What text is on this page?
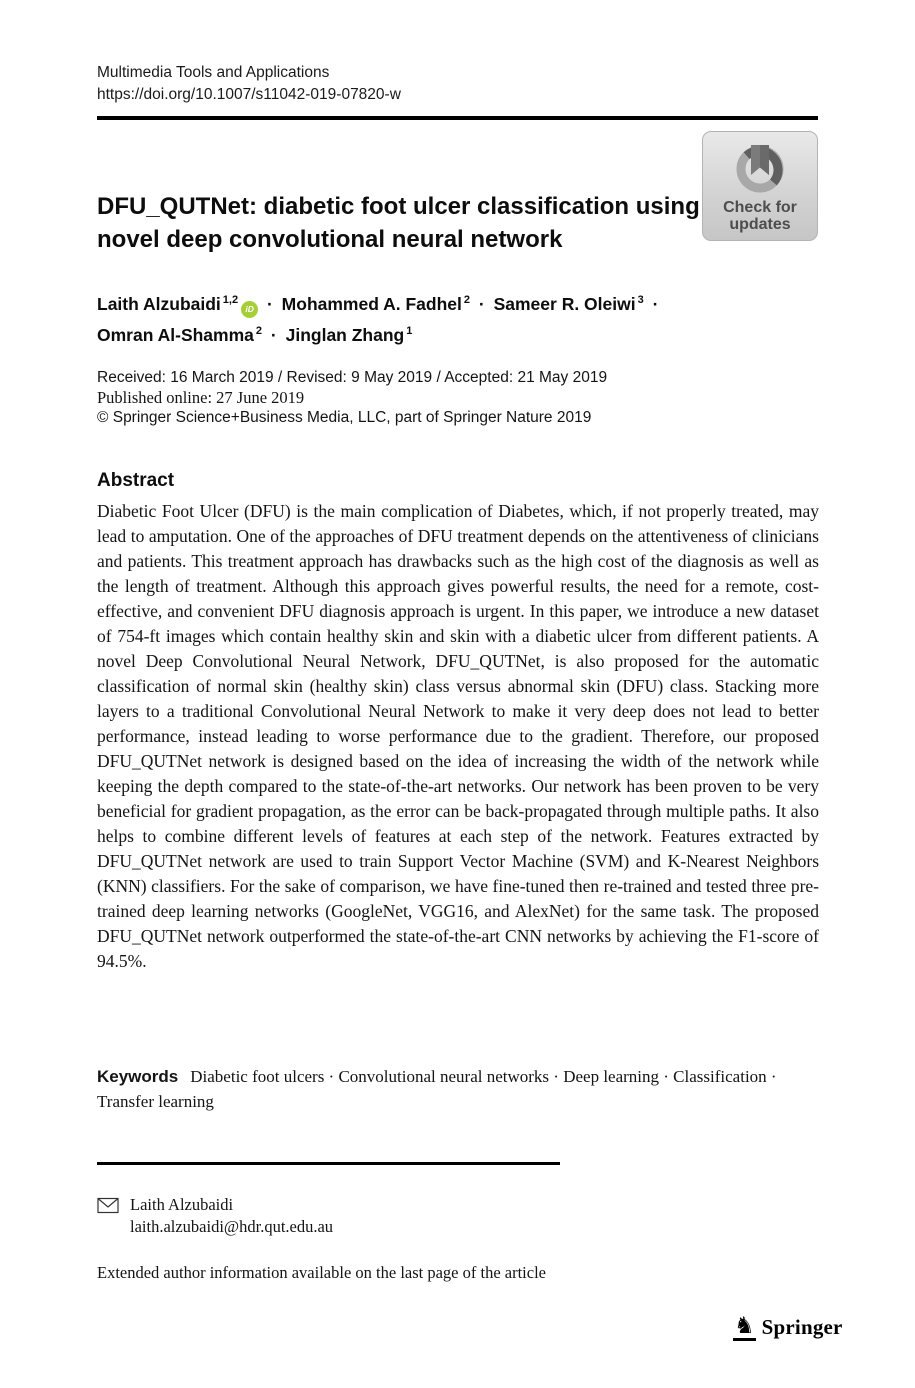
Multimedia Tools and Applications
https://doi.org/10.1007/s11042-019-07820-w
Check for
updates
DFU_QUTNet: diabetic foot ulcer classification using novel deep convolutional neural network
Laith Alzubaidi $^{1,2}$
iD · Mohammed A. Fadhel $^2$ · Sameer R. Oleiwi $^3$ ·
Omran Al-Shamma $^2$ · Jinglan Zhang $^1$
Received: 16 March 2019 / Revised: 9 May 2019 / Accepted: 21 May 2019
Published online: 27 June 2019
© Springer Science+Business Media, LLC, part of Springer Nature 2019
Abstract

Diabetic Foot Ulcer (DFU) is the main complication of Diabetes, which, if not properly treated, may lead to amputation. One of the approaches of DFU treatment depends on the attentiveness of clinicians and patients. This treatment approach has drawbacks such as the high cost of the diagnosis as well as the length of treatment. Although this approach gives powerful results, the need for a remote, cost-effective, and convenient DFU diagnosis approach is urgent. In this paper, we introduce a new dataset of 754-ft images which contain healthy skin and skin with a diabetic ulcer from different patients. A novel Deep Convolutional Neural Network, DFU_QUTNet, is also proposed for the automatic classification of normal skin (healthy skin) class versus abnormal skin (DFU) class. Stacking more layers to a traditional Convolutional Neural Network to make it very deep does not lead to better performance, instead leading to worse performance due to the gradient. Therefore, our proposed DFU_QUTNet network is designed based on the idea of increasing the width of the network while keeping the depth compared to the state-of-the-art networks. Our network has been proven to be very beneficial for gradient propagation, as the error can be back-propagated through multiple paths. It also helps to combine different levels of features at each step of the network. Features extracted by DFU_QUTNet network are used to train Support Vector Machine (SVM) and K-Nearest Neighbors (KNN) classifiers. For the sake of comparison, we have fine-tuned then re-trained and tested three pre-trained deep learning networks (GoogleNet, VGG16, and AlexNet) for the same task. The proposed DFU_QUTNet network outperformed the state-of-the-art CNN networks by achieving the F1-score of 94.5%.

Keywords Diabetic foot ulcers · Convolutional neural networks · Deep learning · Classification · Transfer learning
Laith Alzubaidi
laith.alzubaidi@hdr.qut.edu.au
Extended author information available on the last page of the article
♞ Springer
